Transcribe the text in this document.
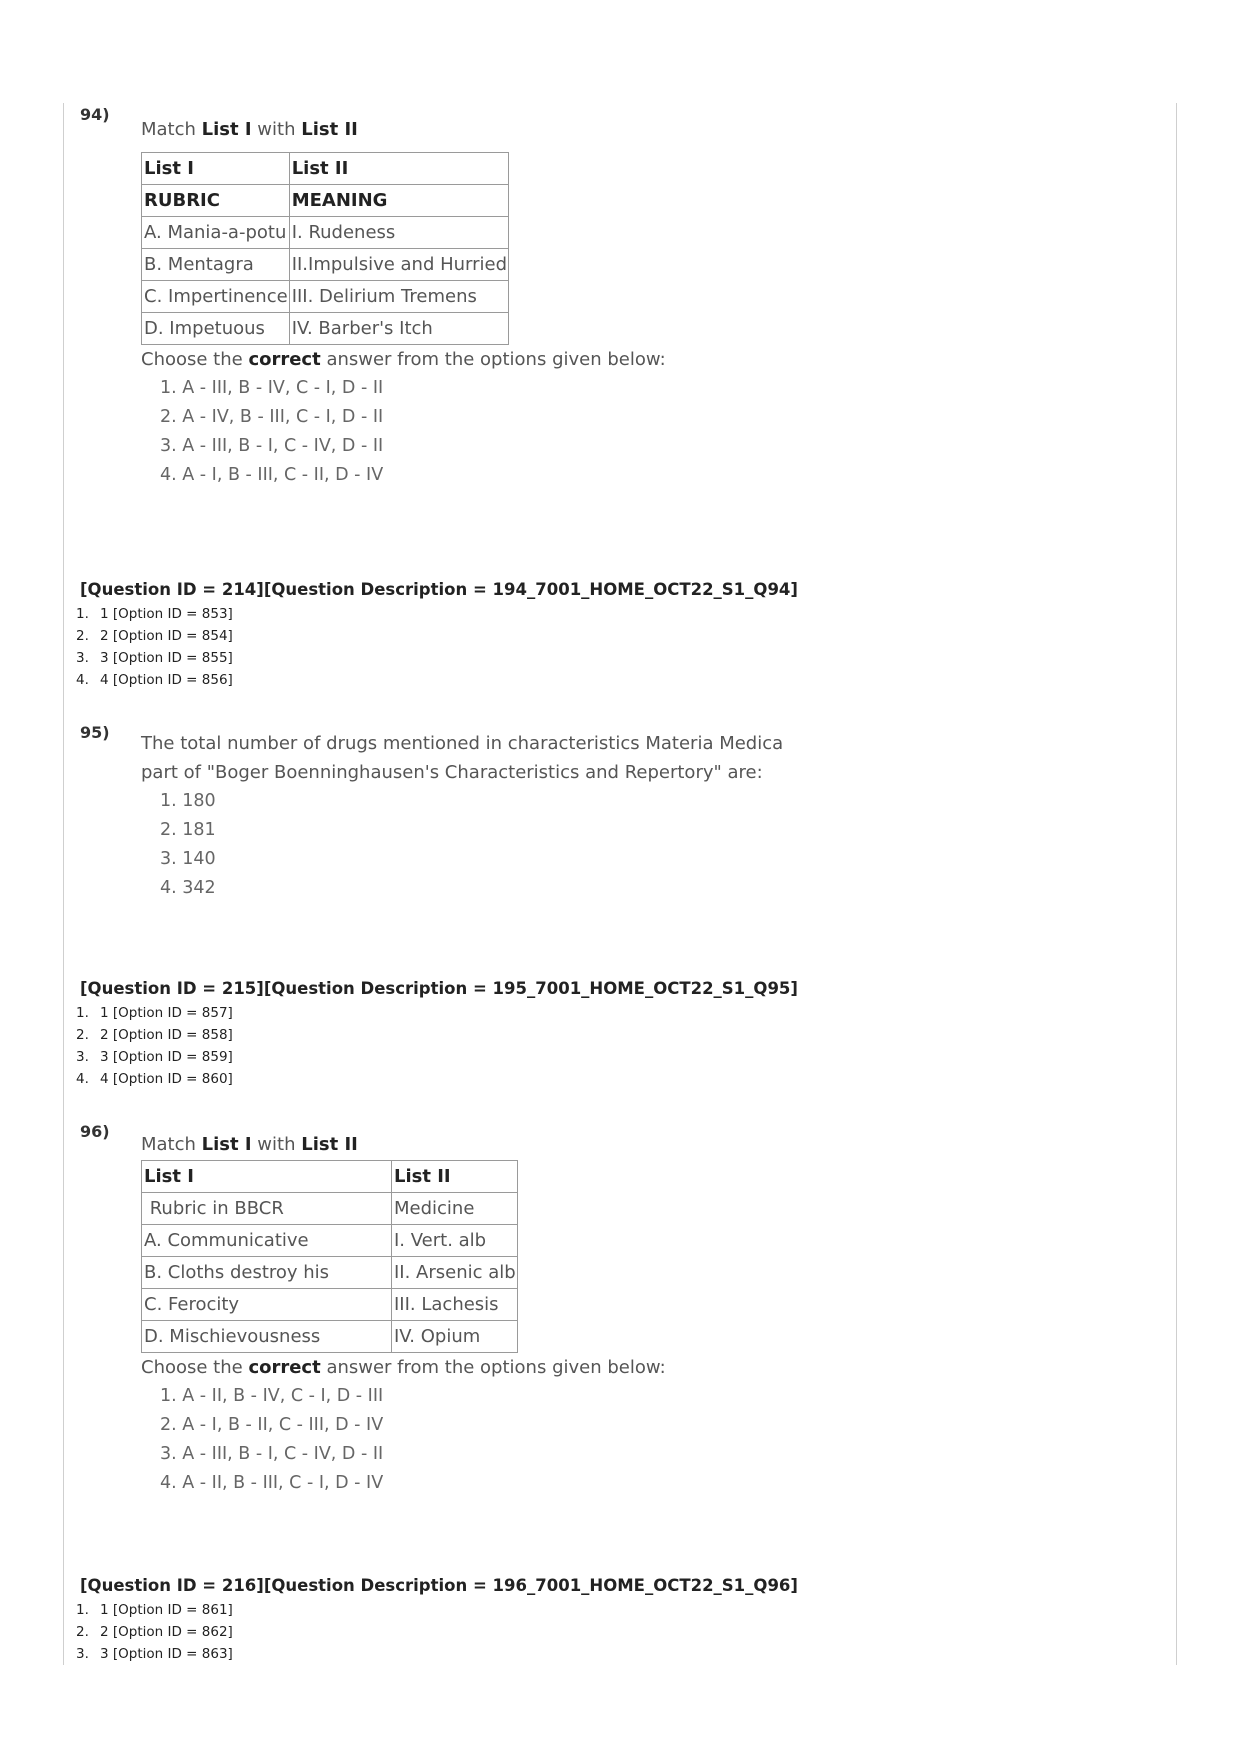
94)
Match List I with List II
List I	List II
RUBRIC	MEANING
A. Mania-a-potu	I. Rudeness
B. Mentagra	II.Impulsive and Hurried
C. Impertinence	III. Delirium Tremens
D. Impetuous	IV. Barber's Itch
Choose the correct answer from the options given below:
1. A - III, B - IV, C - I, D - II
2. A - IV, B - III, C - I, D - II
3. A - III, B - I, C - IV, D - II
4. A - I, B - III, C - II, D - IV
[Question ID = 214][Question Description = 194_7001_HOME_OCT22_S1_Q94]
1. 1 [Option ID = 853]
2. 2 [Option ID = 854]
3. 3 [Option ID = 855]
4. 4 [Option ID = 856]
95)
The total number of drugs mentioned in characteristics Materia Medica
part of "Boger Boenninghausen's Characteristics and Repertory" are:
1. 180
2. 181
3. 140
4. 342
[Question ID = 215][Question Description = 195_7001_HOME_OCT22_S1_Q95]
1. 1 [Option ID = 857]
2. 2 [Option ID = 858]
3. 3 [Option ID = 859]
4. 4 [Option ID = 860]
96)
Match List I with List II
List I	List II
Rubric in BBCR	Medicine
A. Communicative	I. Vert. alb
B. Cloths destroy his	II. Arsenic alb
C. Ferocity	III. Lachesis
D. Mischievousness	IV. Opium
Choose the correct answer from the options given below:
1. A - II, B - IV, C - I, D - III
2. A - I, B - II, C - III, D - IV
3. A - III, B - I, C - IV, D - II
4. A - II, B - III, C - I, D - IV
[Question ID = 216][Question Description = 196_7001_HOME_OCT22_S1_Q96]
1. 1 [Option ID = 861]
2. 2 [Option ID = 862]
3. 3 [Option ID = 863]
